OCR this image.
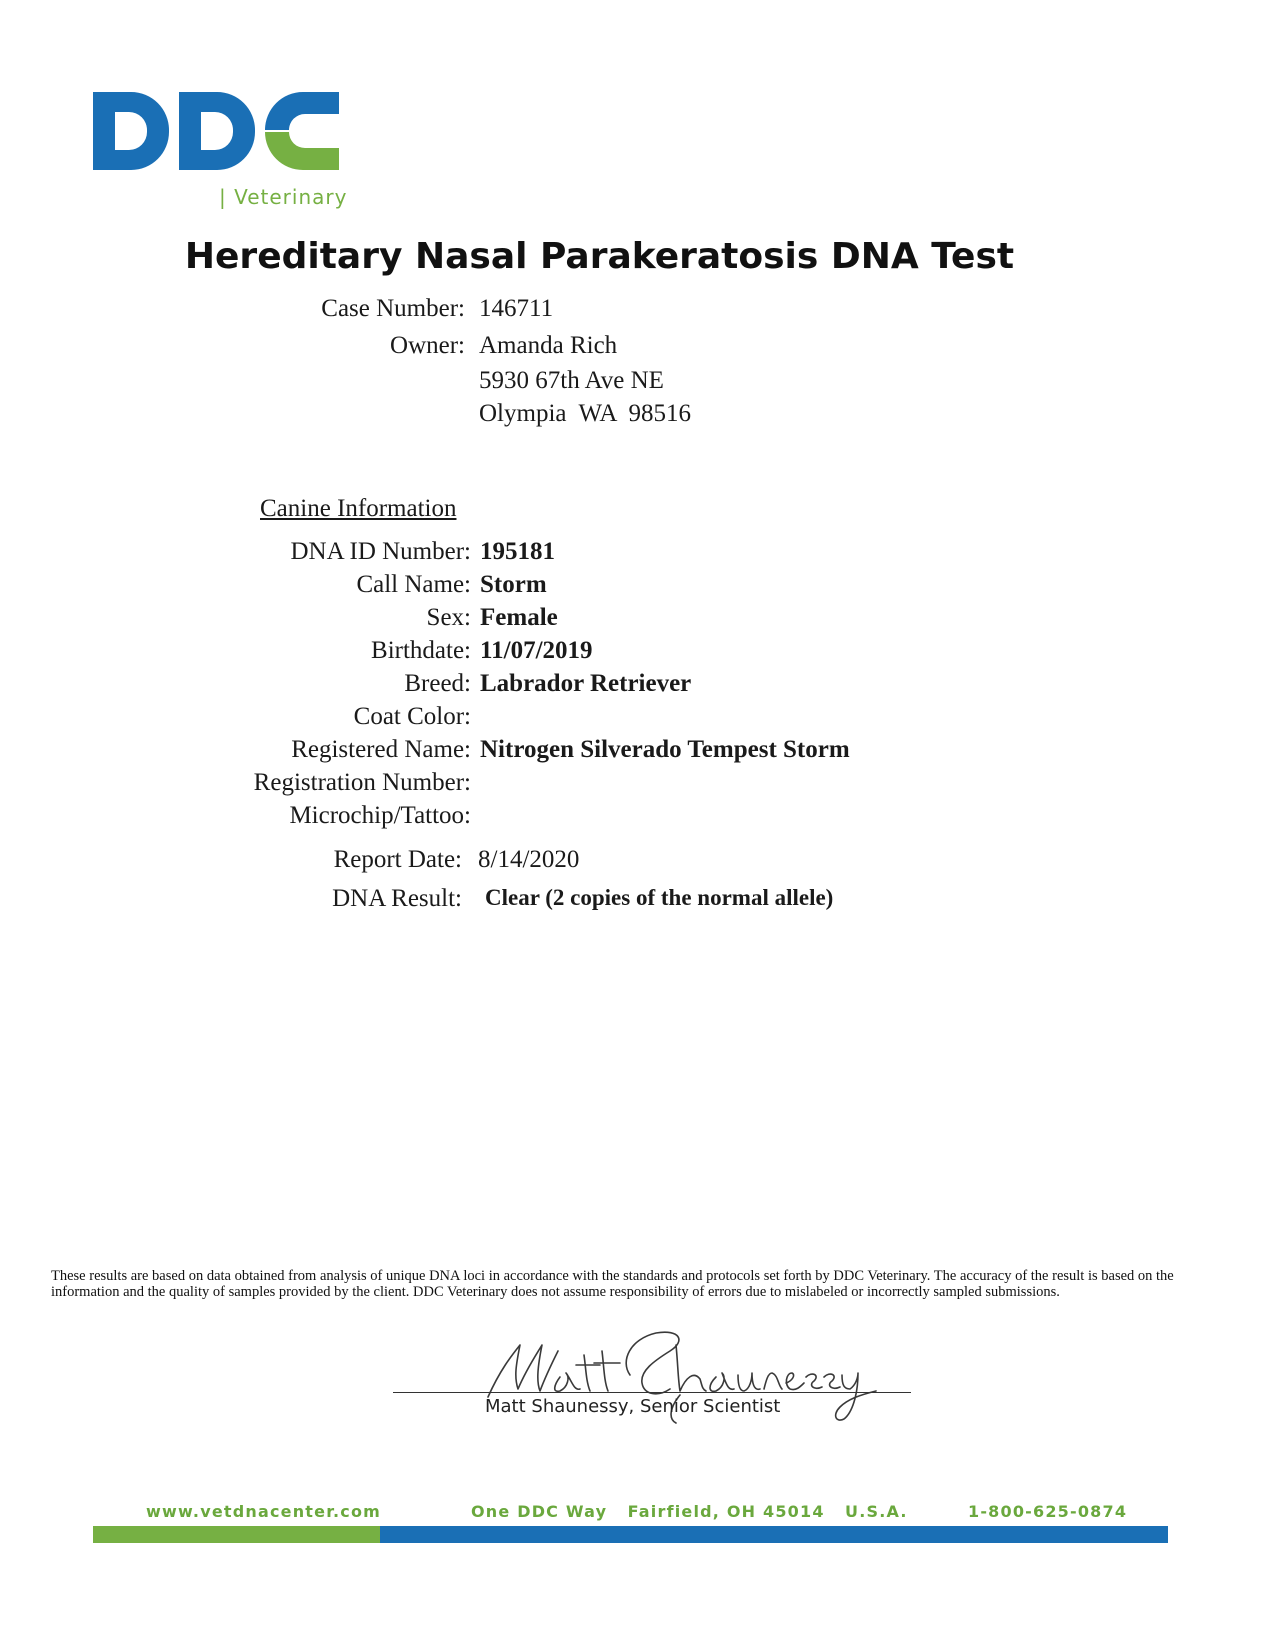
| Veterinary
Hereditary Nasal Parakeratosis DNA Test
Case Number: 146711
Owner: Amanda Rich
5930 67th Ave NE
Olympia  WA  98516
Canine Information
DNA ID Number: 195181
Call Name: Storm
Sex: Female
Birthdate: 11/07/2019
Breed: Labrador Retriever
Coat Color:
Registered Name: Nitrogen Silverado Tempest Storm
Registration Number:
Microchip/Tattoo:
Report Date: 8/14/2020
DNA Result: Clear (2 copies of the normal allele)
These results are based on data obtained from analysis of unique DNA loci in accordance with the standards and protocols set forth by DDC Veterinary. The accuracy of the result is based on the information and the quality of samples provided by the client. DDC Veterinary does not assume responsibility of errors due to mislabeled or incorrectly sampled submissions.
Matt Shaunessy, Senior Scientist
www.vetdnacenter.com	One DDC Way   Fairfield, OH 45014   U.S.A.	1-800-625-0874
